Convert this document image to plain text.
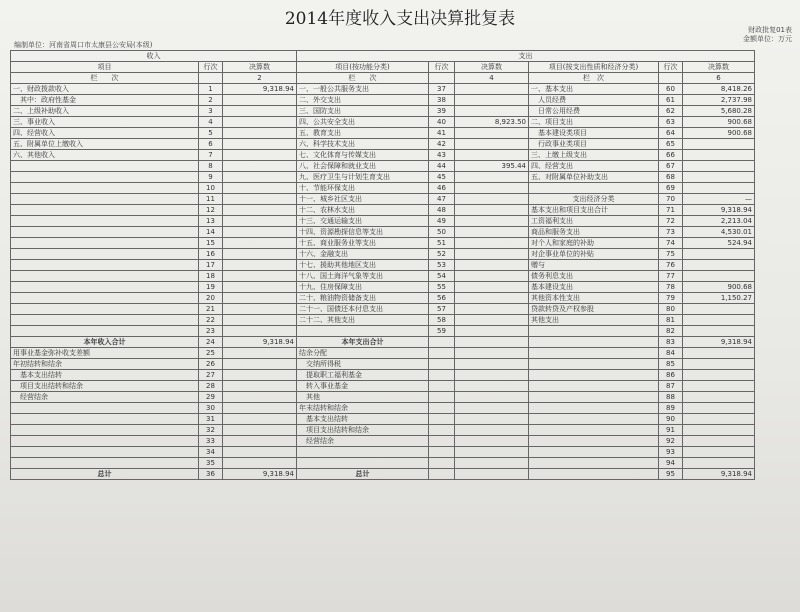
2014年度收入支出决算批复表
财政批复01表
金额单位：万元
编制单位：河南省周口市太康县公安局(本级)
收入			支出					
项目	行次	决算数	项目(按功能分类)	行次	决算数	项目(按支出性质和经济分类)	行次	决算数
栏　　次		2	栏　　次		4	栏　次		6
一、财政拨款收入	1	9,318.94	一、一般公共服务支出	37		一、基本支出	60	8,418.26
　其中：政府性基金	2		二、外交支出	38		　人员经费	61	2,737.98
二、上级补助收入	3		三、国防支出	39		　日常公用经费	62	5,680.28
三、事业收入	4		四、公共安全支出	40	8,923.50	二、项目支出	63	900.68
四、经营收入	5		五、教育支出	41		　基本建设类项目	64	900.68
五、附属单位上缴收入	6		六、科学技术支出	42		　行政事业类项目	65	
六、其他收入	7		七、文化体育与传媒支出	43		三、上缴上级支出	66	
	8		八、社会保障和就业支出	44	395.44	四、经营支出	67	
	9		九、医疗卫生与计划生育支出	45		五、对附属单位补助支出	68	
	10		十、节能环保支出	46			69	
	11		十一、城乡社区支出	47		支出经济分类	70	—
	12		十二、农林水支出	48		基本支出和项目支出合计	71	9,318.94
	13		十三、交通运输支出	49		工资福利支出	72	2,213.04
	14		十四、资源勘探信息等支出	50		商品和服务支出	73	4,530.01
	15		十五、商业服务业等支出	51		对个人和家庭的补助	74	524.94
	16		十六、金融支出	52		对企事业单位的补贴	75	
	17		十七、援助其他地区支出	53		赠与	76	
	18		十八、国土海洋气象等支出	54		债务利息支出	77	
	19		十九、住房保障支出	55		基本建设支出	78	900.68
	20		二十、粮油物资储备支出	56		其他资本性支出	79	1,150.27
	21		二十一、国债还本付息支出	57		贷款转贷及产权参股	80	
	22		二十二、其他支出	58		其他支出	81	
	23			59			82	
本年收入合计	24	9,318.94	本年支出合计				83	9,318.94
用事业基金弥补收支差额	25		结余分配				84	
年初结转和结余	26		　交纳所得税				85	
　基本支出结转	27		　提取职工福利基金				86	
　项目支出结转和结余	28		　转入事业基金				87	
　经营结余	29		　其他				88	
	30		年末结转和结余				89	
	31		　基本支出结转				90	
	32		　项目支出结转和结余				91	
	33		　经营结余				92	
	34						93	
	35						94	
总计	36	9,318.94	总计				95	9,318.94
